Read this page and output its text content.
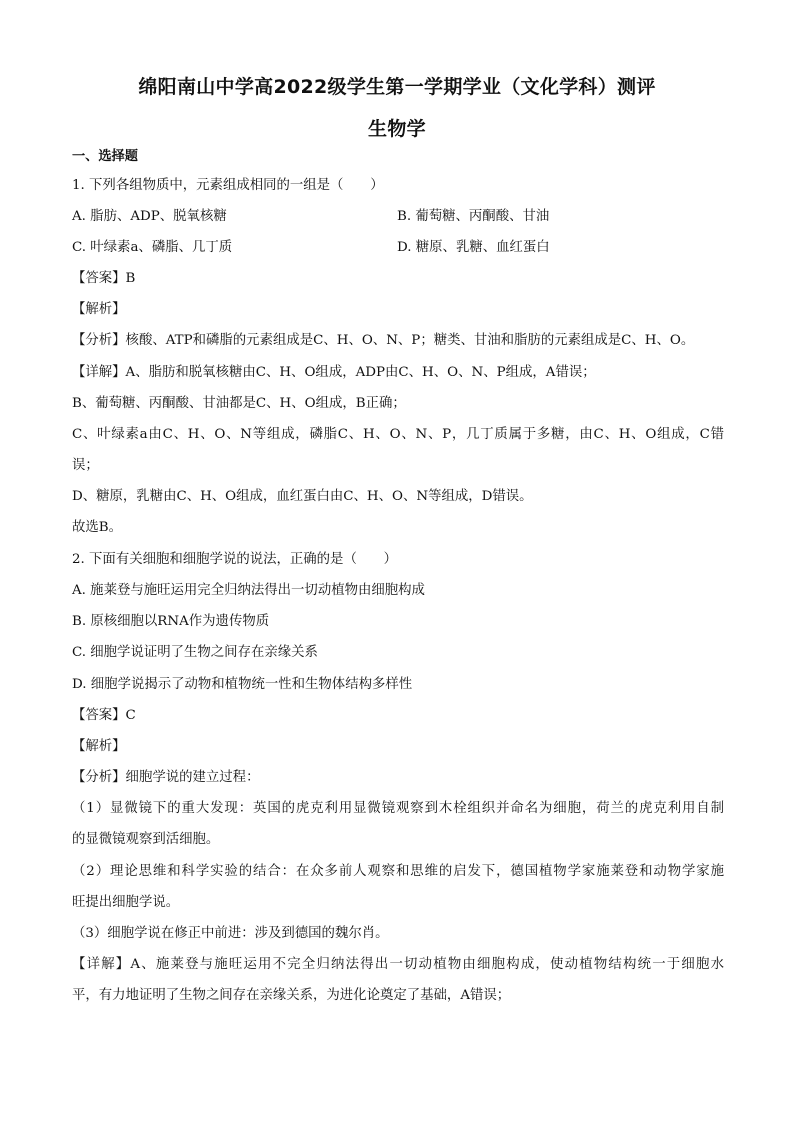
绵阳南山中学高2022级学生第一学期学业（文化学科）测评
生物学
一、选择题
1. 下列各组物质中，元素组成相同的一组是（　　）
A. 脂肪、ADP、脱氧核糖	B. 葡萄糖、丙酮酸、甘油
C. 叶绿素a、磷脂、几丁质	D. 糖原、乳糖、血红蛋白
【答案】B
【解析】
【分析】核酸、ATP和磷脂的元素组成是C、H、O、N、P；糖类、甘油和脂肪的元素组成是C、H、O。
【详解】A、脂肪和脱氧核糖由C、H、O组成，ADP由C、H、O、N、P组成，A错误；
B、葡萄糖、丙酮酸、甘油都是C、H、O组成，B正确；
C、叶绿素a由C、H、O、N等组成，磷脂C、H、O、N、P，几丁质属于多糖，由C、H、O组成，C错
误；
D、糖原，乳糖由C、H、O组成，血红蛋白由C、H、O、N等组成，D错误。
故选B。
2. 下面有关细胞和细胞学说的说法，正确的是（　　）
A. 施莱登与施旺运用完全归纳法得出一切动植物由细胞构成
B. 原核细胞以RNA作为遗传物质
C. 细胞学说证明了生物之间存在亲缘关系
D. 细胞学说揭示了动物和植物统一性和生物体结构多样性
【答案】C
【解析】
【分析】细胞学说的建立过程：
（1）显微镜下的重大发现：英国的虎克利用显微镜观察到木栓组织并命名为细胞，荷兰的虎克利用自制
的显微镜观察到活细胞。
（2）理论思维和科学实验的结合：在众多前人观察和思维的启发下，德国植物学家施莱登和动物学家施
旺提出细胞学说。
（3）细胞学说在修正中前进：涉及到德国的魏尔肖。
【详解】A、施莱登与施旺运用不完全归纳法得出一切动植物由细胞构成，使动植物结构统一于细胞水
平，有力地证明了生物之间存在亲缘关系，为进化论奠定了基础，A错误；
